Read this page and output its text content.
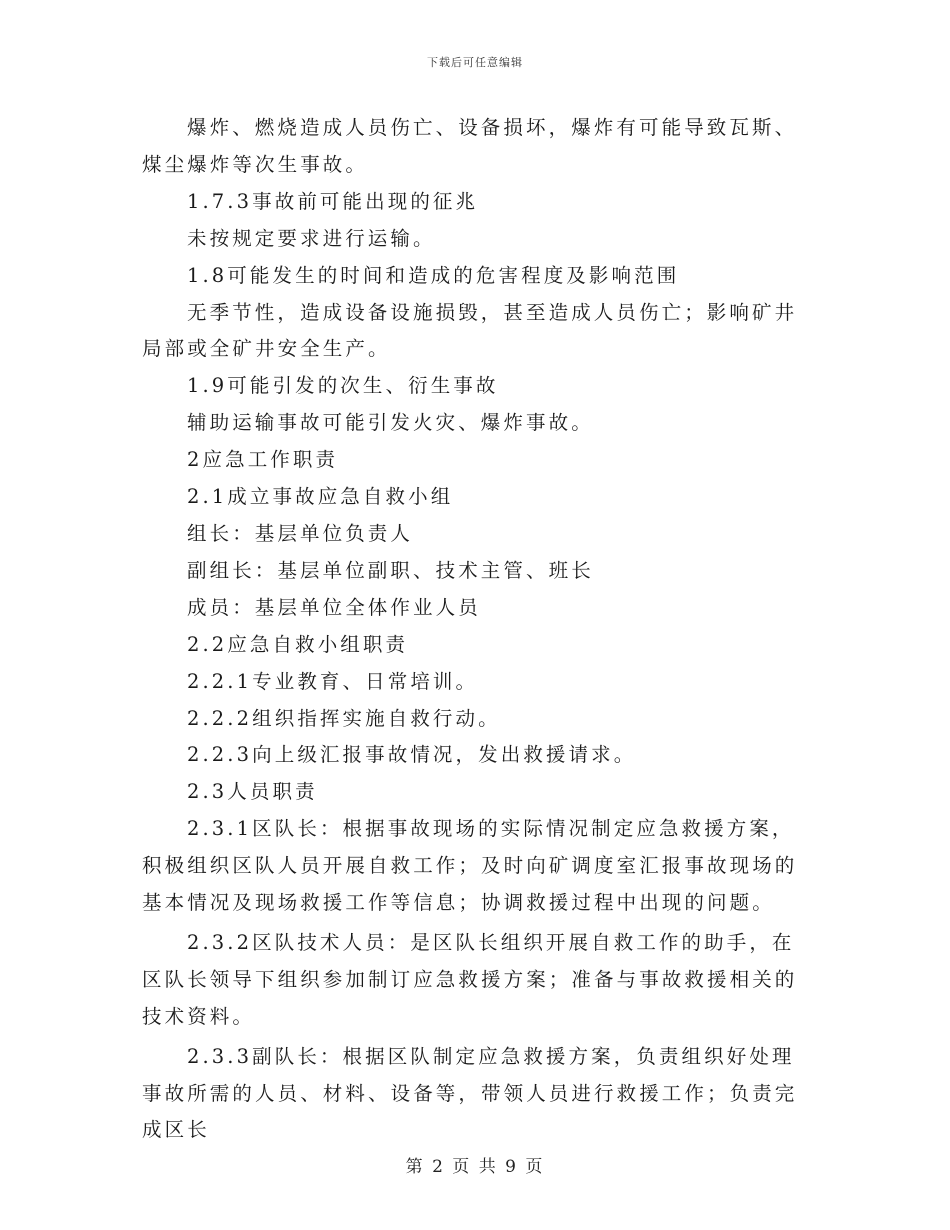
下载后可任意编辑

爆炸、燃烧造成人员伤亡、设备损坏，爆炸有可能导致瓦斯、煤尘爆炸等次生事故。

1.7.3事故前可能出现的征兆

未按规定要求进行运输。

1.8可能发生的时间和造成的危害程度及影响范围

无季节性，造成设备设施损毁，甚至造成人员伤亡；影响矿井局部或全矿井安全生产。

1.9可能引发的次生、衍生事故

辅助运输事故可能引发火灾、爆炸事故。

2应急工作职责

2.1成立事故应急自救小组

组长：基层单位负责人

副组长：基层单位副职、技术主管、班长

成员：基层单位全体作业人员

2.2应急自救小组职责

2.2.1专业教育、日常培训。

2.2.2组织指挥实施自救行动。

2.2.3向上级汇报事故情况，发出救援请求。

2.3人员职责

2.3.1区队长：根据事故现场的实际情况制定应急救援方案，积极组织区队人员开展自救工作；及时向矿调度室汇报事故现场的基本情况及现场救援工作等信息；协调救援过程中出现的问题。

2.3.2区队技术人员：是区队长组织开展自救工作的助手，在区队长领导下组织参加制订应急救援方案；准备与事故救援相关的技术资料。

2.3.3副队长：根据区队制定应急救援方案，负责组织好处理事故所需的人员、材料、设备等，带领人员进行救援工作；负责完成区长

第 2 页 共 9 页
